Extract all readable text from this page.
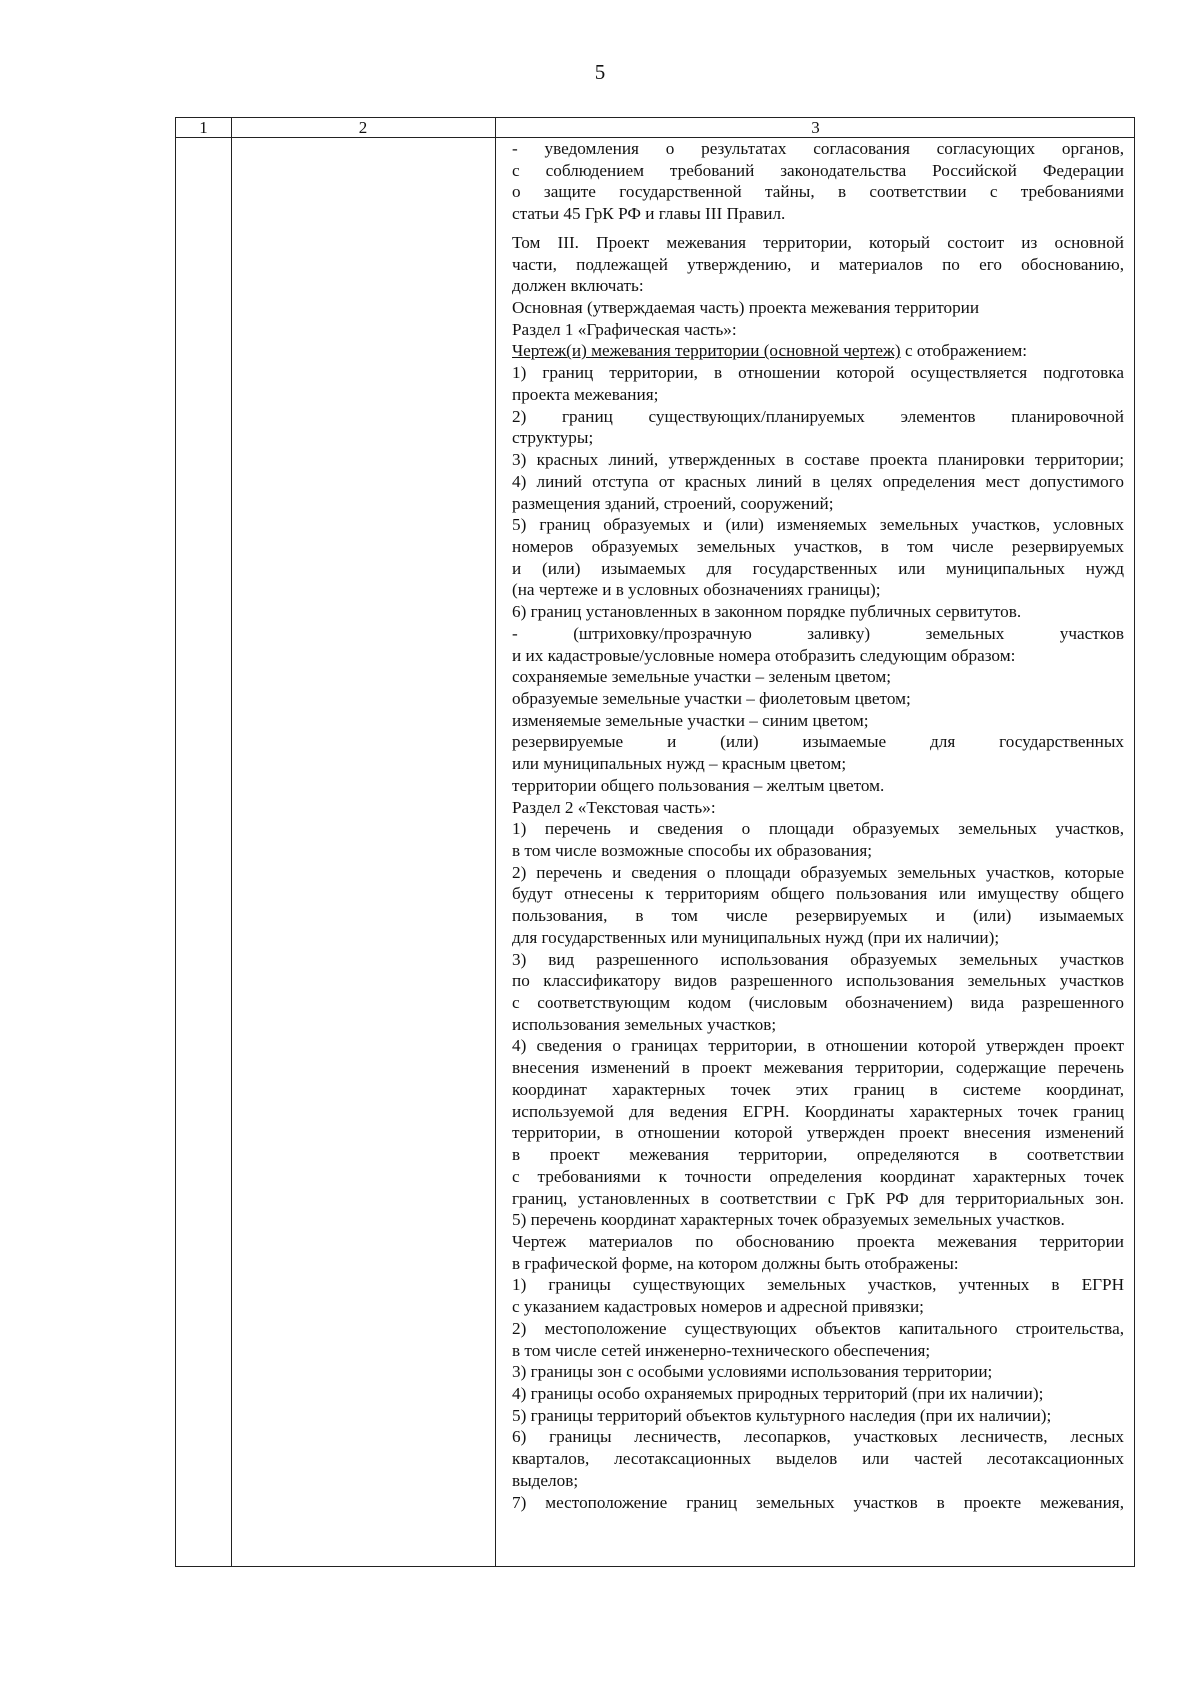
5
1	2	3
- уведомления о результатах согласования согласующих органов,
с соблюдением требований законодательства Российской Федерации
о защите государственной тайны, в соответствии с требованиями
статьи 45 ГрК РФ и главы III Правил.
Том III. Проект межевания территории, который состоит из основной
части, подлежащей утверждению, и материалов по его обоснованию,
должен включать:
Основная (утверждаемая часть) проекта межевания территории
Раздел 1 «Графическая часть»:
Чертеж(и) межевания территории (основной чертеж) с отображением:
1) границ территории, в отношении которой осуществляется подготовка
проекта межевания;
2) границ существующих/планируемых элементов планировочной
структуры;
3) красных линий, утвержденных в составе проекта планировки территории;
4) линий отступа от красных линий в целях определения мест допустимого
размещения зданий, строений, сооружений;
5) границ образуемых и (или) изменяемых земельных участков, условных
номеров образуемых земельных участков, в том числе резервируемых
и (или) изымаемых для государственных или муниципальных нужд
(на чертеже и в условных обозначениях границы);
6) границ установленных в законном порядке публичных сервитутов.
- (штриховку/прозрачную заливку) земельных участков
и их кадастровые/условные номера отобразить следующим образом:
сохраняемые земельные участки – зеленым цветом;
образуемые земельные участки – фиолетовым цветом;
изменяемые земельные участки – синим цветом;
резервируемые и (или) изымаемые для государственных
или муниципальных нужд – красным цветом;
территории общего пользования – желтым цветом.
Раздел 2 «Текстовая часть»:
1) перечень и сведения о площади образуемых земельных участков,
в том числе возможные способы их образования;
2) перечень и сведения о площади образуемых земельных участков, которые
будут отнесены к территориям общего пользования или имуществу общего
пользования, в том числе резервируемых и (или) изымаемых
для государственных или муниципальных нужд (при их наличии);
3) вид разрешенного использования образуемых земельных участков
по классификатору видов разрешенного использования земельных участков
с соответствующим кодом (числовым обозначением) вида разрешенного
использования земельных участков;
4) сведения о границах территории, в отношении которой утвержден проект
внесения изменений в проект межевания территории, содержащие перечень
координат характерных точек этих границ в системе координат,
используемой для ведения ЕГРН. Координаты характерных точек границ
территории, в отношении которой утвержден проект внесения изменений
в проект межевания территории, определяются в соответствии
с требованиями к точности определения координат характерных точек
границ, установленных в соответствии с ГрК РФ для территориальных зон.
5) перечень координат характерных точек образуемых земельных участков.
Чертеж материалов по обоснованию проекта межевания территории
в графической форме, на котором должны быть отображены:
1) границы существующих земельных участков, учтенных в ЕГРН
с указанием кадастровых номеров и адресной привязки;
2) местоположение существующих объектов капитального строительства,
в том числе сетей инженерно-технического обеспечения;
3) границы зон с особыми условиями использования территории;
4) границы особо охраняемых природных территорий (при их наличии);
5) границы территорий объектов культурного наследия (при их наличии);
6) границы лесничеств, лесопарков, участковых лесничеств, лесных
кварталов, лесотаксационных выделов или частей лесотаксационных
выделов;
7) местоположение границ земельных участков в проекте межевания,
